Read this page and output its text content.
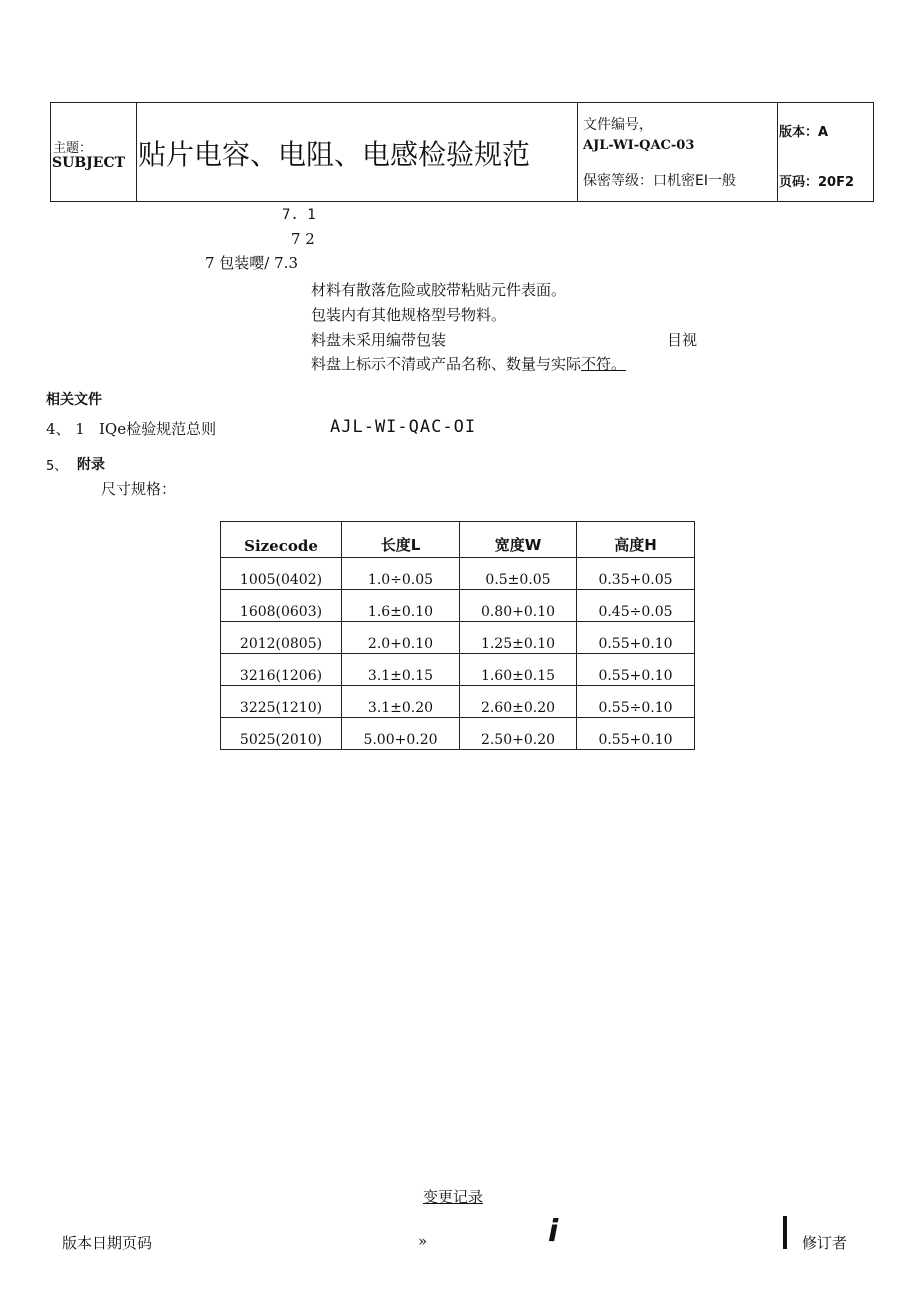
主题：
SUBJECT 贴片电容、电阻、电感检验规范
文件编号，
AJL-WI-QAC-03
保密等级：口机密EI一般
版本：A
页码：20F2
7. 1
7 2
7 包装嘤/ 7.3
材料有散落危险或胶带粘贴元件表面。
包装内有其他规格型号物料。
料盘未采用编带包装	目视
料盘上标示不清或产品名称、数量与实际不符。
相关文件
4、 1 IQe检验规范总则	AJL-WI-QAC-OI
5、 附录
尺寸规格：
Sizecode	长度L	宽度W	高度H
1005(0402)	1.0÷0.05	0.5±0.05	0.35+0.05
1608(0603)	1.6±0.10	0.80+0.10	0.45÷0.05
2012(0805)	2.0+0.10	1.25±0.10	0.55+0.10
3216(1206)	3.1±0.15	1.60±0.15	0.55+0.10
3225(1210)	3.1±0.20	2.60±0.20	0.55÷0.10
5025(2010)	5.00+0.20	2.50+0.20	0.55+0.10
变更记录
版本日期页码	»	i	修订者
